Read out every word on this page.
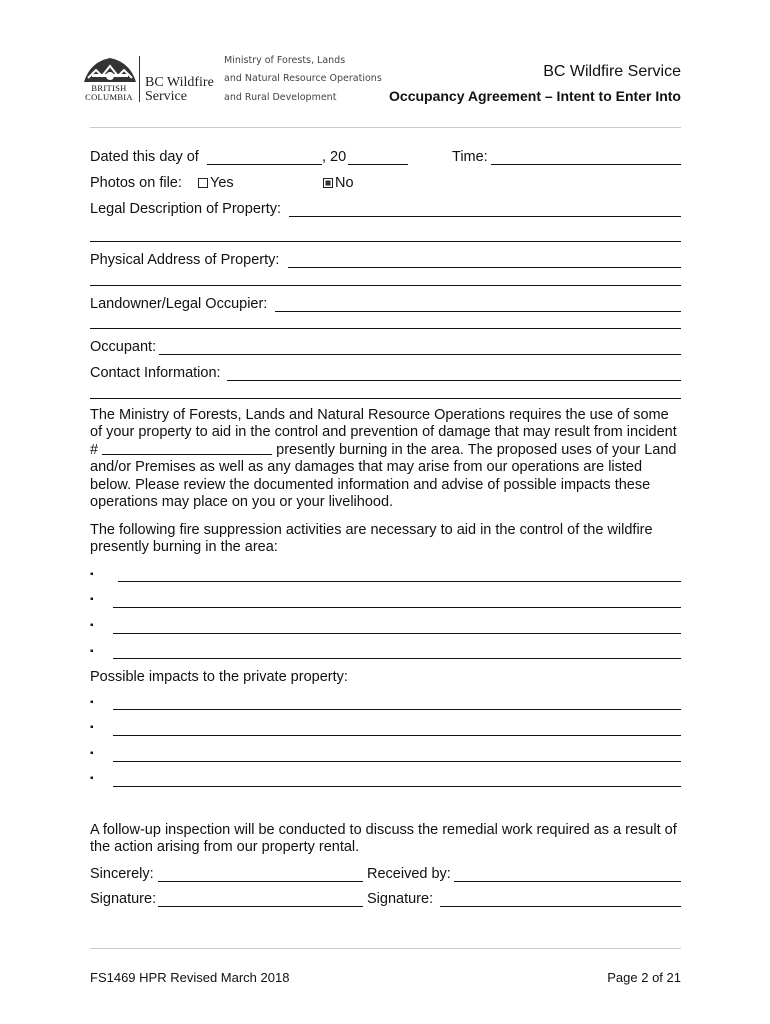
BRITISH
COLUMBIA
BC Wildfire
Service
Ministry of Forests, Lands
and Natural Resource Operations
and Rural Development
BC Wildfire Service
Occupancy Agreement – Intent to Enter Into
Dated this day of	, 20	Time:
Photos on file:	Yes	No
Legal Description of Property:
Physical Address of Property:
Landowner/Legal Occupier:
Occupant:
Contact Information:
The Ministry of Forests, Lands and Natural Resource Operations requires the use of some of your property to aid in the control and prevention of damage that may result from incident #	presently burning in the area. The proposed uses of your Land and/or Premises as well as any damages that may arise from our operations are listed below. Please review the documented information and advise of possible impacts these operations may place on you or your livelihood.
The following fire suppression activities are necessary to aid in the control of the wildfire presently burning in the area:
▪
▪
▪
▪
Possible impacts to the private property:
▪
▪
▪
▪
A follow-up inspection will be conducted to discuss the remedial work required as a result of the action arising from our property rental.
Sincerely:	Received by:
Signature:	Signature:
FS1469 HPR Revised March 2018	Page 2 of 21
